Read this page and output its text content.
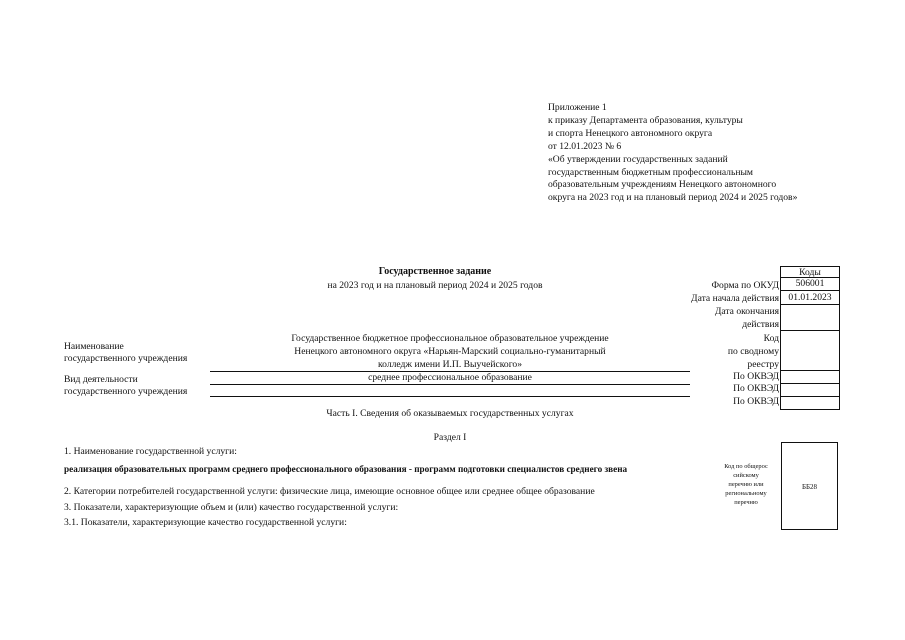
Приложение 1
к приказу Департамента образования, культуры
и спорта Ненецкого автономного округа
от 12.01.2023 № 6
«Об утверждении государственных заданий
государственным бюджетным профессиональным
образовательным учреждениям Ненецкого автономного
округа на 2023 год и на плановый период 2024 и 2025 годов»
Государственное задание
на 2023 год и на плановый период 2024 и 2025 годов
Коды
506001
01.01.2023
Форма по ОКУД
Дата начала действия
Дата окончания
действия
Код
по сводному
реестру
По ОКВЭД
По ОКВЭД
По ОКВЭД
Наименование
государственного учреждения
Государственное бюджетное профессиональное образовательное учреждение
Ненецкого автономного округа «Нарьян-Марский социально-гуманитарный
колледж имени И.П. Выучейского»
Вид деятельности
государственного учреждения
среднее профессиональное образование
Часть I. Сведения об оказываемых государственных услугах
Раздел I
1. Наименование государственной услуги:
реализация образовательных программ среднего профессионального образования - программ подготовки специалистов среднего звена
2. Категории потребителей государственной услуги: физические лица, имеющие основное общее или среднее общее образование
3. Показатели, характеризующие объем и (или) качество государственной услуги:
3.1. Показатели, характеризующие качество государственной услуги:
Код по общерос
сийскому
перечню или
региональному
перечню
ББ28
